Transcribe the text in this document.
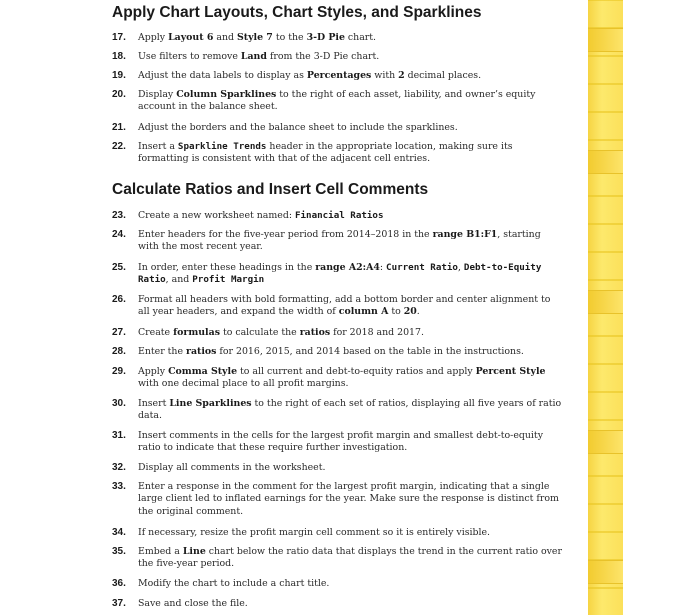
Apply Chart Layouts, Chart Styles, and Sparklines
Calculate Ratios and Insert Cell Comments
17.	Apply Layout 6 and Style 7 to the 3-D Pie chart.
18.	Use filters to remove Land from the 3-D Pie chart.
19.	Adjust the data labels to display as Percentages with 2 decimal places.
20.	Display Column Sparklines to the right of each asset, liability, and owner’s equity account in the balance sheet.
21.	Adjust the borders and the balance sheet to include the sparklines.
22.	Insert a Sparkline Trends header in the appropriate location, making sure its formatting is consistent with that of the adjacent cell entries.
23.	Create a new worksheet named: Financial Ratios
24.	Enter headers for the five-year period from 2014–2018 in the range B1:F1, starting with the most recent year.
25.	In order, enter these headings in the range A2:A4: Current Ratio, Debt-to-Equity Ratio, and Profit Margin
26.	Format all headers with bold formatting, add a bottom border and center alignment to all year headers, and expand the width of column A to 20.
27.	Create formulas to calculate the ratios for 2018 and 2017.
28.	Enter the ratios for 2016, 2015, and 2014 based on the table in the instructions.
29.	Apply Comma Style to all current and debt-to-equity ratios and apply Percent Style with one decimal place to all profit margins.
30.	Insert Line Sparklines to the right of each set of ratios, displaying all five years of ratio data.
31.	Insert comments in the cells for the largest profit margin and smallest debt-to-equity ratio to indicate that these require further investigation.
32.	Display all comments in the worksheet.
33.	Enter a response in the comment for the largest profit margin, indicating that a single large client led to inflated earnings for the year. Make sure the response is distinct from the original comment.
34.	If necessary, resize the profit margin cell comment so it is entirely visible.
35.	Embed a Line chart below the ratio data that displays the trend in the current ratio over the five-year period.
36.	Modify the chart to include a chart title.
37.	Save and close the file.
